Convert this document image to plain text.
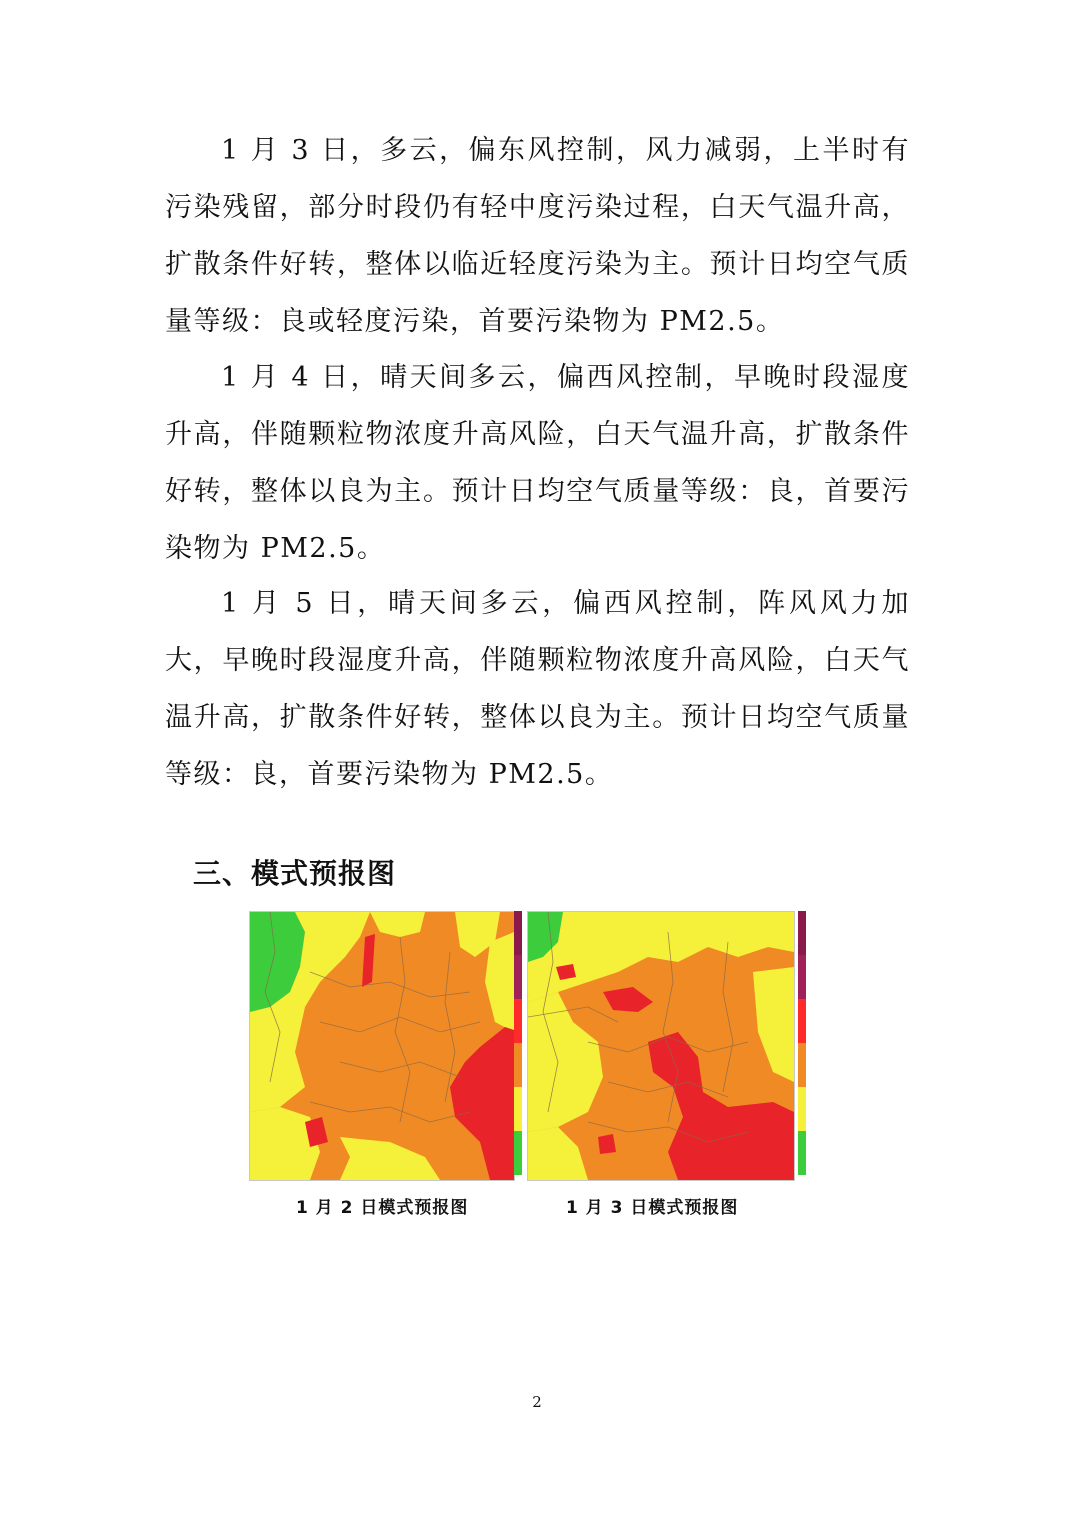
1 月 3 日，多云，偏东风控制，风力减弱，上半时有污染残留，部分时段仍有轻中度污染过程，白天气温升高，扩散条件好转，整体以临近轻度污染为主。预计日均空气质量等级：良或轻度污染，首要污染物为 PM2.5。

1 月 4 日，晴天间多云，偏西风控制，早晚时段湿度升高，伴随颗粒物浓度升高风险，白天气温升高，扩散条件好转，整体以良为主。预计日均空气质量等级：良，首要污染物为 PM2.5。

1 月 5 日，晴天间多云，偏西风控制，阵风风力加大，早晚时段湿度升高，伴随颗粒物浓度升高风险，白天气温升高，扩散条件好转，整体以良为主。预计日均空气质量等级：良，首要污染物为 PM2.5。

三、模式预报图

1 月 2 日模式预报图	1 月 3 日模式预报图

2
